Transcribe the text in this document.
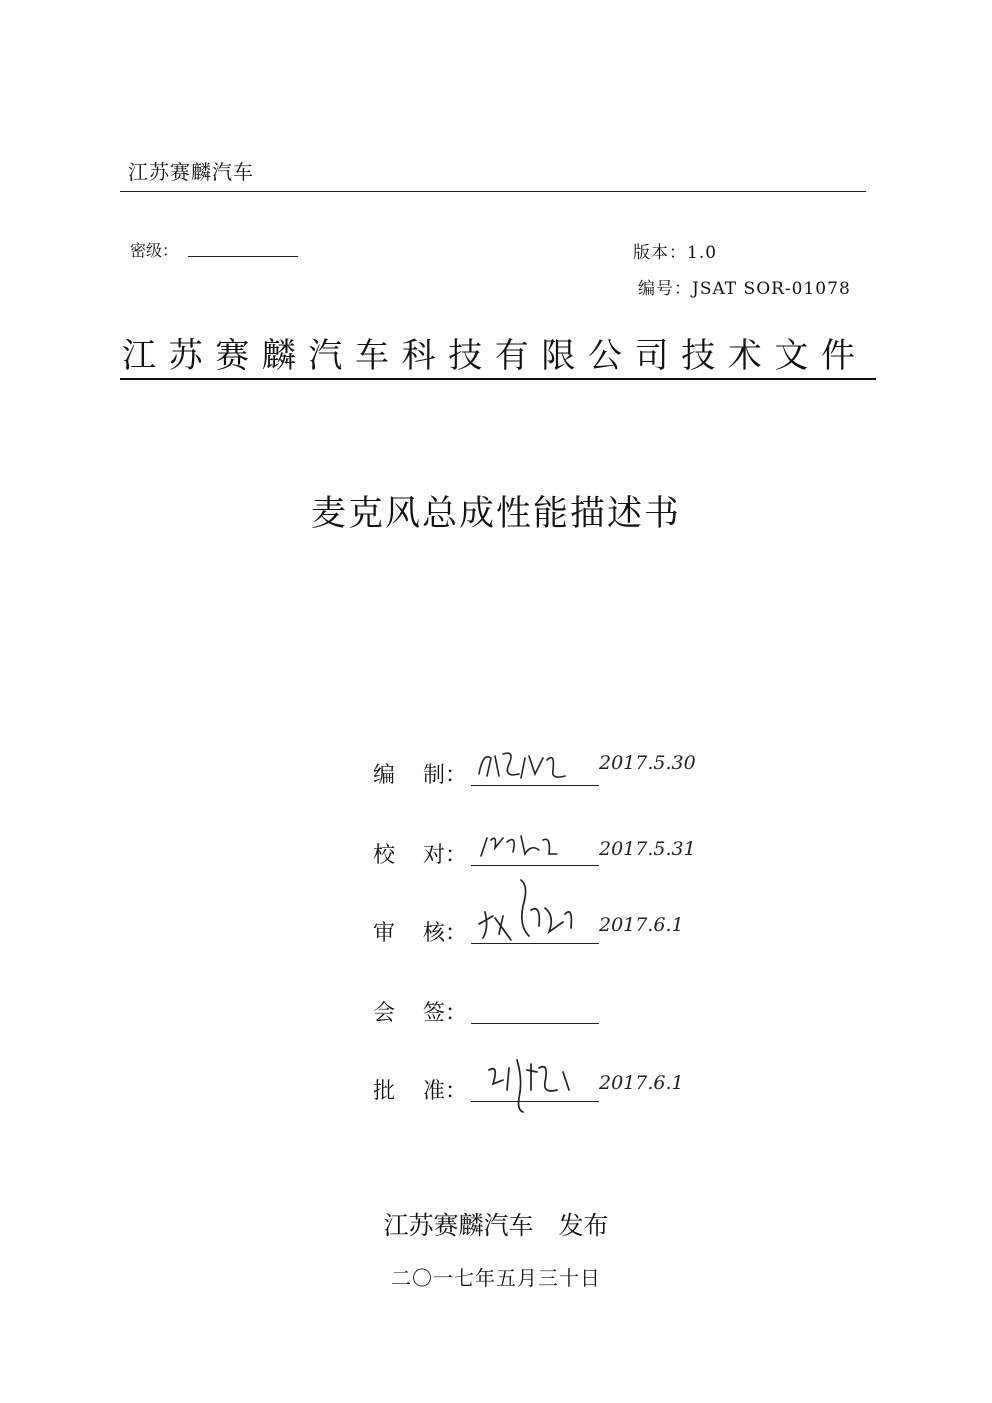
江苏赛麟汽车
密级：	版本：1.0
编号：JSAT SOR-01078
江苏赛麟汽车科技有限公司技术文件
麦克风总成性能描述书
编 制：	2017.5.30
校 对：	2017.5.31
审 核：	2017.6.1
会 签：
批 准：	2017.6.1
江苏赛麟汽车　发布
二〇一七年五月三十日
